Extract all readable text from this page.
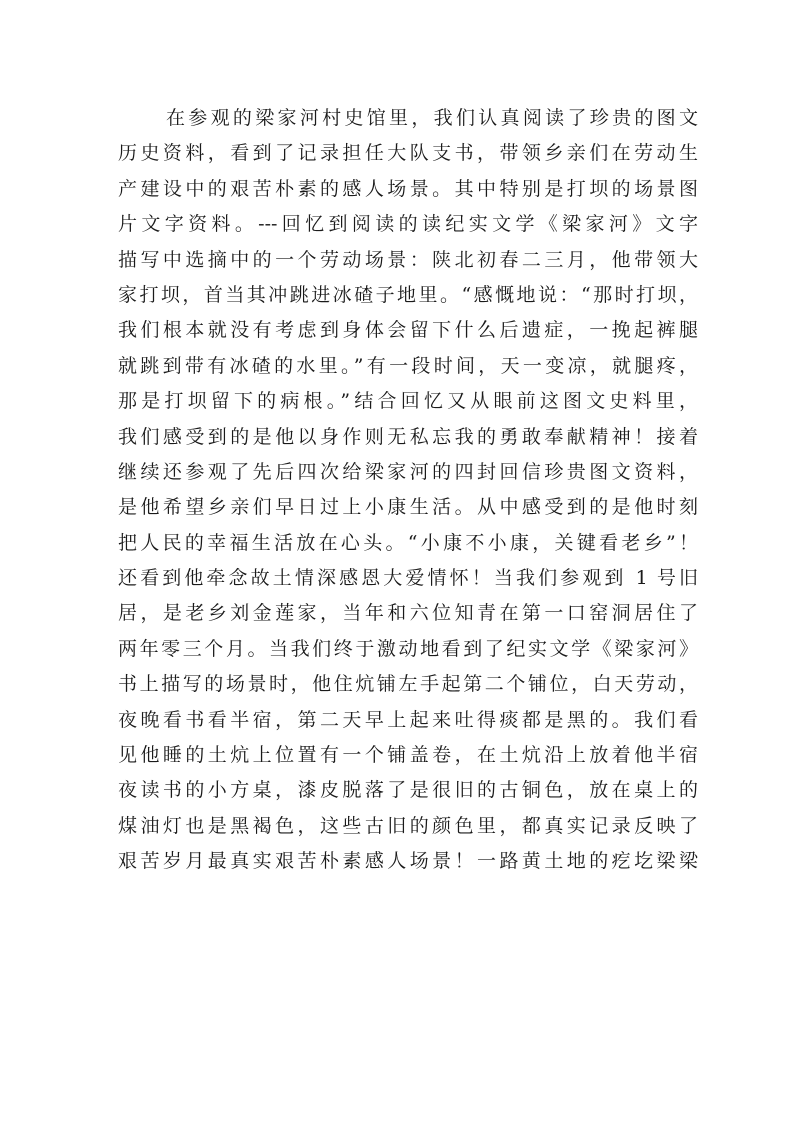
在参观的梁家河村史馆里，我们认真阅读了珍贵的图文
历史资料，看到了记录担任大队支书，带领乡亲们在劳动生
产建设中的艰苦朴素的感人场景。其中特别是打坝的场景图
片文字资料。---回忆到阅读的读纪实文学《梁家河》文字
描写中选摘中的一个劳动场景：陕北初春二三月，他带领大
家打坝，首当其冲跳进冰碴子地里。“感慨地说：“那时打坝，
我们根本就没有考虑到身体会留下什么后遗症，一挽起裤腿
就跳到带有冰碴的水里。”有一段时间，天一变凉，就腿疼，
那是打坝留下的病根。”结合回忆又从眼前这图文史料里，
我们感受到的是他以身作则无私忘我的勇敢奉献精神！接着
继续还参观了先后四次给梁家河的四封回信珍贵图文资料，
是他希望乡亲们早日过上小康生活。从中感受到的是他时刻
把人民的幸福生活放在心头。“小康不小康，关键看老乡”！
还看到他牵念故土情深感恩大爱情怀！当我们参观到 1 号旧
居，是老乡刘金莲家，当年和六位知青在第一口窑洞居住了
两年零三个月。当我们终于激动地看到了纪实文学《梁家河》
书上描写的场景时，他住炕铺左手起第二个铺位，白天劳动，
夜晚看书看半宿，第二天早上起来吐得痰都是黑的。我们看
见他睡的土炕上位置有一个铺盖卷，在土炕沿上放着他半宿
夜读书的小方桌，漆皮脱落了是很旧的古铜色，放在桌上的
煤油灯也是黑褐色，这些古旧的颜色里，都真实记录反映了
艰苦岁月最真实艰苦朴素感人场景！一路黄土地的疙圪梁梁
